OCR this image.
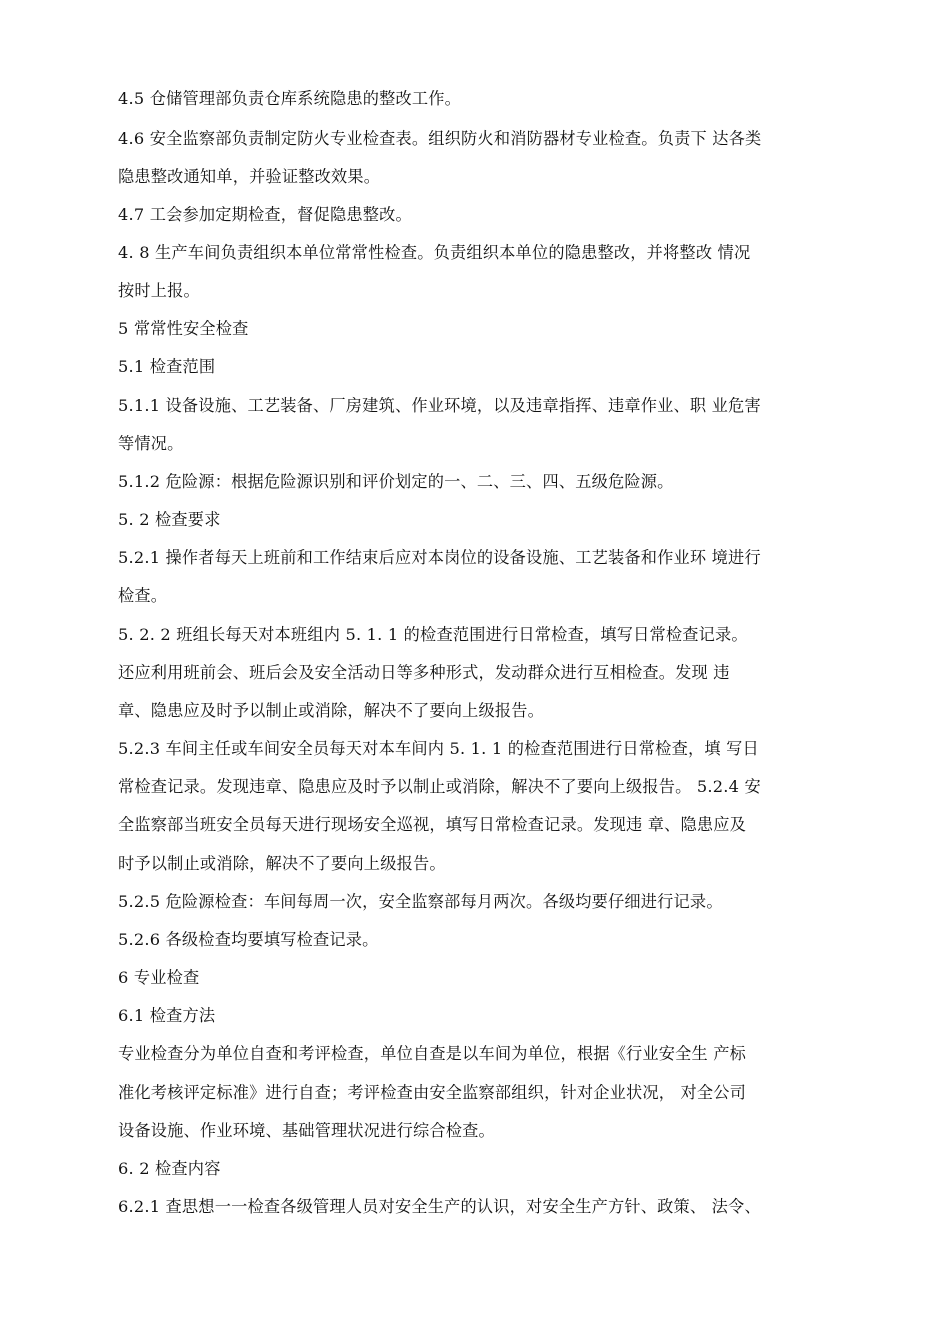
4.5 仓储管理部负责仓库系统隐患的整改工作。

4.6 安全监察部负责制定防火专业检查表。组织防火和消防器材专业检查。负责下 达各类

隐患整改通知单，并验证整改效果。

4.7 工会参加定期检查，督促隐患整改。

4. 8 生产车间负责组织本单位常常性检查。负责组织本单位的隐患整改，并将整改 情况

按时上报。

5 常常性安全检查

5.1 检查范围

5.1.1 设备设施、工艺装备、厂房建筑、作业环境，以及违章指挥、违章作业、职 业危害

等情况。

5.1.2 危险源：根据危险源识别和评价划定的一、二、三、四、五级危险源。

5. 2 检查要求

5.2.1 操作者每天上班前和工作结束后应对本岗位的设备设施、工艺装备和作业环 境进行

检查。

5. 2. 2 班组长每天对本班组内 5. 1. 1 的检查范围进行日常检查，填写日常检查记录。

还应利用班前会、班后会及安全活动日等多种形式，发动群众进行互相检查。发现 违

章、隐患应及时予以制止或消除，解决不了要向上级报告。

5.2.3 车间主任或车间安全员每天对本车间内 5. 1. 1 的检查范围进行日常检查，填 写日

常检查记录。发现违章、隐患应及时予以制止或消除，解决不了要向上级报告。 5.2.4 安

全监察部当班安全员每天进行现场安全巡视，填写日常检查记录。发现违 章、隐患应及

时予以制止或消除，解决不了要向上级报告。

5.2.5 危险源检查：车间每周一次，安全监察部每月两次。各级均要仔细进行记录。

5.2.6 各级检查均要填写检查记录。

6 专业检查

6.1 检查方法

专业检查分为单位自查和考评检查，单位自查是以车间为单位，根据《行业安全生 产标

准化考核评定标准》进行自查；考评检查由安全监察部组织，针对企业状况， 对全公司

设备设施、作业环境、基础管理状况进行综合检查。

6. 2 检查内容

6.2.1 查思想一一检查各级管理人员对安全生产的认识，对安全生产方针、政策、 法令、
